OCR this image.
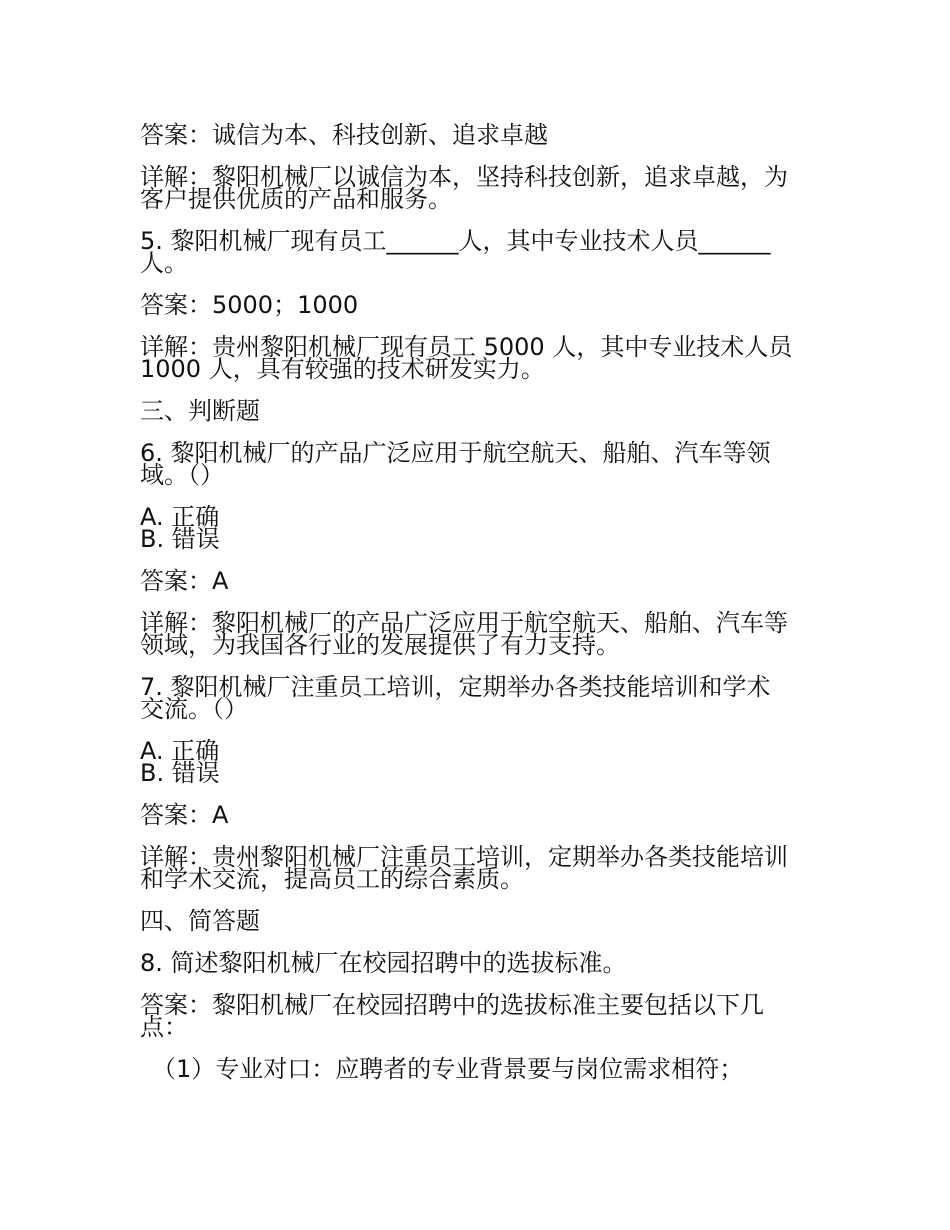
答案：诚信为本、科技创新、追求卓越
详解：黎阳机械厂以诚信为本，坚持科技创新，追求卓越，为
客户提供优质的产品和服务。
5. 黎阳机械厂现有员工______人，其中专业技术人员______
人。
答案：5000；1000
详解：贵州黎阳机械厂现有员工 5000 人，其中专业技术人员
1000 人，具有较强的技术研发实力。
三、判断题
6. 黎阳机械厂的产品广泛应用于航空航天、船舶、汽车等领
域。（）
A. 正确
B. 错误
答案：A
详解：黎阳机械厂的产品广泛应用于航空航天、船舶、汽车等
领域，为我国各行业的发展提供了有力支持。
7. 黎阳机械厂注重员工培训，定期举办各类技能培训和学术
交流。（）
A. 正确
B. 错误
答案：A
详解：贵州黎阳机械厂注重员工培训，定期举办各类技能培训
和学术交流，提高员工的综合素质。
四、简答题
8. 简述黎阳机械厂在校园招聘中的选拔标准。
答案：黎阳机械厂在校园招聘中的选拔标准主要包括以下几
点：
（1）专业对口：应聘者的专业背景要与岗位需求相符；
